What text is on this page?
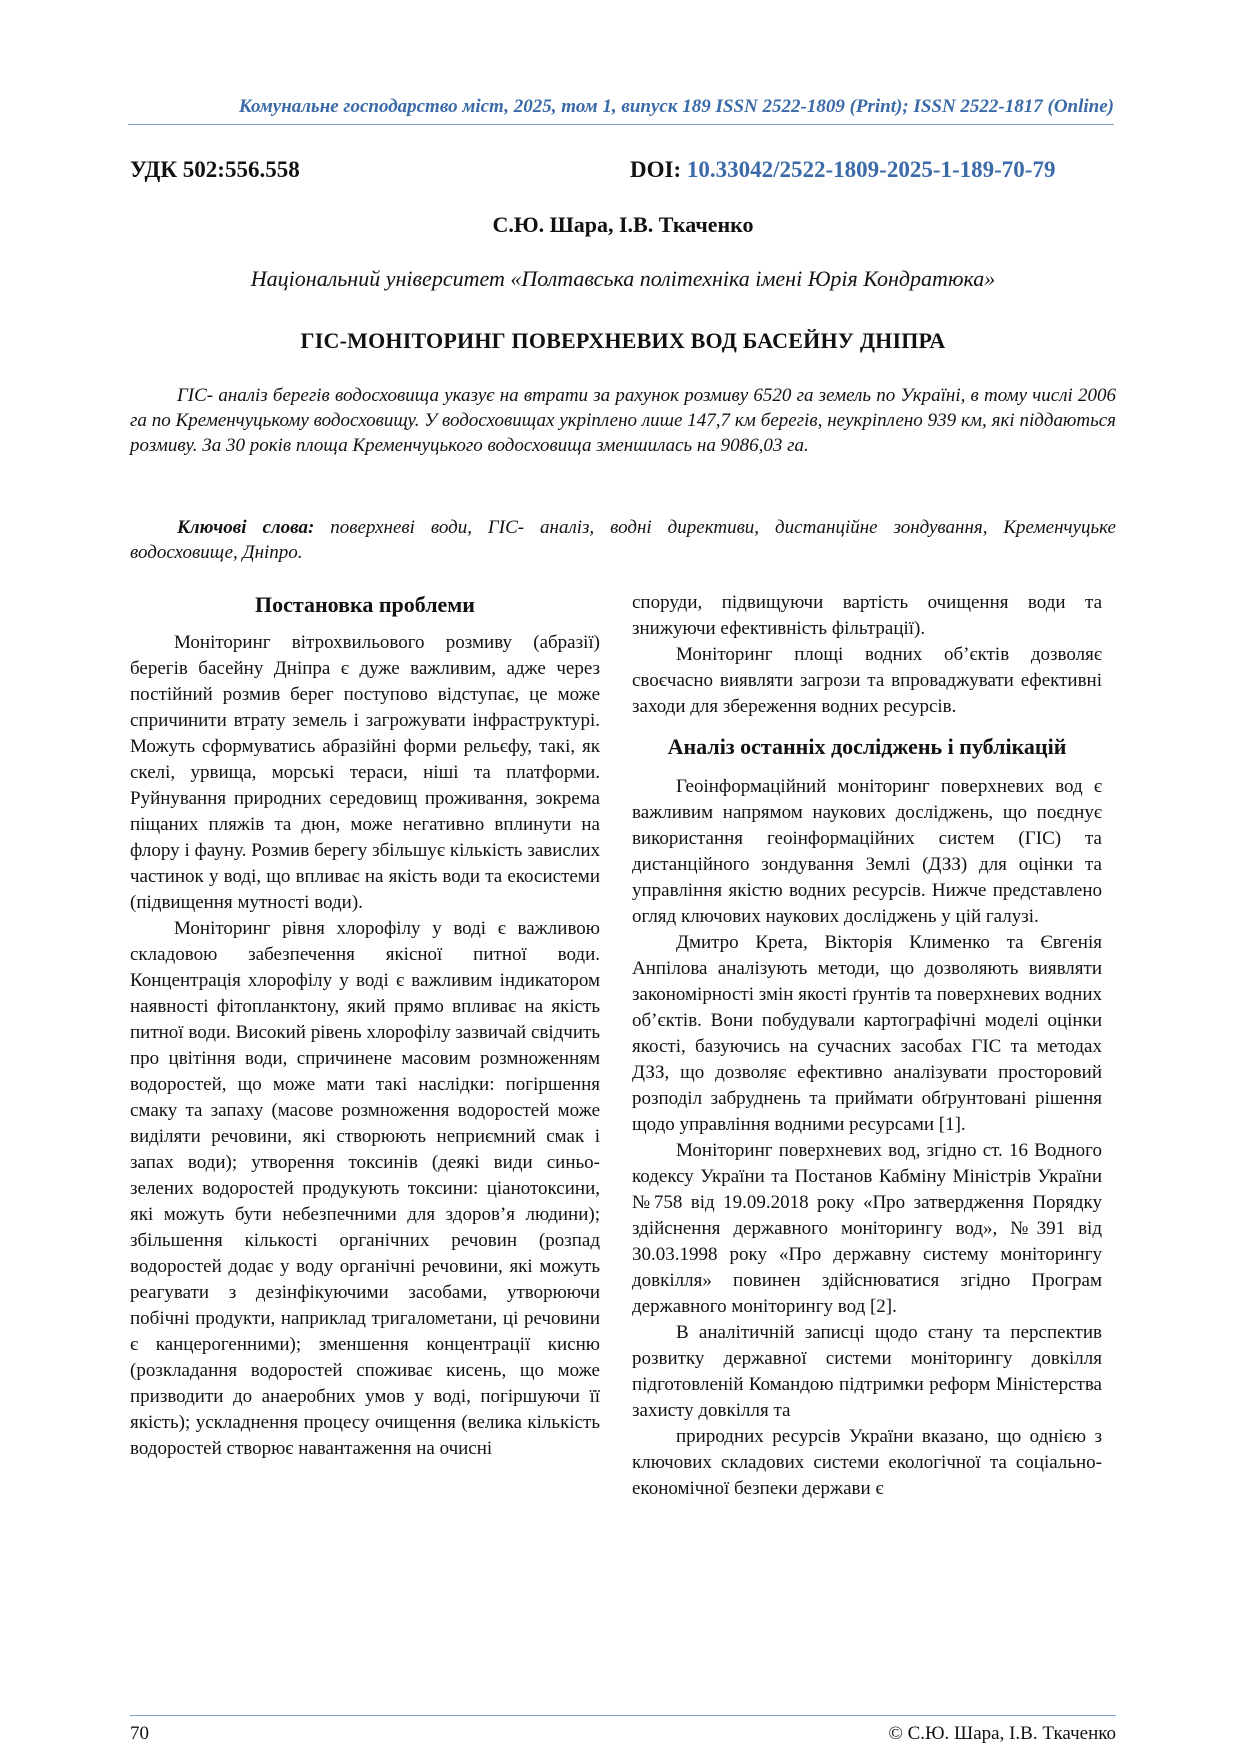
Комунальне господарство міст, 2025, том 1, випуск 189 ISSN 2522-1809 (Print); ISSN 2522-1817 (Online)
УДК 502:556.558	DOI: 10.33042/2522-1809-2025-1-189-70-79
С.Ю. Шара, І.В. Ткаченко
Національний університет «Полтавська політехніка імені Юрія Кондратюка»
ГІС-МОНІТОРИНГ ПОВЕРХНЕВИХ ВОД БАСЕЙНУ ДНІПРА

ГІС- аналіз берегів водосховища указує на втрати за рахунок розмиву 6520 га земель по Україні, в тому числі 2006 га по Кременчуцькому водосховищу. У водосховищах укріплено лише 147,7 км берегів, неукріплено 939 км, які піддаються розмиву. За 30 років площа Кременчуцького водосховища зменшилась на 9086,03 га.

Ключові слова: поверхневі води, ГІС- аналіз, водні директиви, дистанційне зондування, Кременчуцьке водосховище, Дніпро.

Постановка проблеми

Моніторинг вітрохвильового розмиву (абразії) берегів басейну Дніпра є дуже важливим, адже через постійний розмив берег поступово відступає, це може спричинити втрату земель і загрожувати інфраструктурі. Можуть сформуватись абразійні форми рельєфу, такі, як скелі, урвища, морські тераси, ніші та платформи. Руйнування природних середовищ проживання, зокрема піщаних пляжів та дюн, може негативно вплинути на флору і фауну. Розмив берегу збільшує кількість завислих частинок у воді, що впливає на якість води та екосистеми (підвищення мутності води).

Моніторинг рівня хлорофілу у воді є важливою складовою забезпечення якісної питної води. Концентрація хлорофілу у воді є важливим індикатором наявності фітопланктону, який прямо впливає на якість питної води. Високий рівень хлорофілу зазвичай свідчить про цвітіння води, спричинене масовим розмноженням водоростей, що може мати такі наслідки: погіршення смаку та запаху (масове розмноження водоростей може виділяти речовини, які створюють неприємний смак і запах води); утворення токсинів (деякі види синьо-зелених водоростей продукують токсини: ціанотоксини, які можуть бути небезпечними для здоров’я людини); збільшення кількості органічних речовин (розпад водоростей додає у воду органічні речовини, які можуть реагувати з дезінфікуючими засобами, утворюючи побічні продукти, наприклад тригалометани, ці речовини є канцерогенними); зменшення концентрації кисню (розкладання водоростей споживає кисень, що може призводити до анаеробних умов у воді, погіршуючи її якість); ускладнення процесу очищення (велика кількість водоростей створює навантаження на очисні

споруди, підвищуючи вартість очищення води та знижуючи ефективність фільтрації).

Моніторинг площі водних об’єктів дозволяє своєчасно виявляти загрози та впроваджувати ефективні заходи для збереження водних ресурсів.

Аналіз останніх досліджень і публікацій

Геоінформаційний моніторинг поверхневих вод є важливим напрямом наукових досліджень, що поєднує використання геоінформаційних систем (ГІС) та дистанційного зондування Землі (ДЗЗ) для оцінки та управління якістю водних ресурсів. Нижче представлено огляд ключових наукових досліджень у цій галузі.

Дмитро Крета, Вікторія Клименко та Євгенія Анпілова аналізують методи, що дозволяють виявляти закономірності змін якості ґрунтів та поверхневих водних об’єктів. Вони побудували картографічні моделі оцінки якості, базуючись на сучасних засобах ГІС та методах ДЗЗ, що дозволяє ефективно аналізувати просторовий розподіл забруднень та приймати обґрунтовані рішення щодо управління водними ресурсами [1].

Моніторинг поверхневих вод, згідно ст. 16 Водного кодексу України та Постанов Кабміну Міністрів України №758 від 19.09.2018 року «Про затвердження Порядку здійснення державного моніторингу вод», №391 від 30.03.1998 року «Про державну систему моніторингу довкілля» повинен здійснюватися згідно Програм державного моніторингу вод [2].

В аналітичній записці щодо стану та перспектив розвитку державної системи моніторингу довкілля підготовленій Командою підтримки реформ Міністерства захисту довкілля та

природних ресурсів України вказано, що однією з ключових складових системи екологічної та соціально-економічної безпеки держави є

70	© С.Ю. Шара, І.В. Ткаченко
